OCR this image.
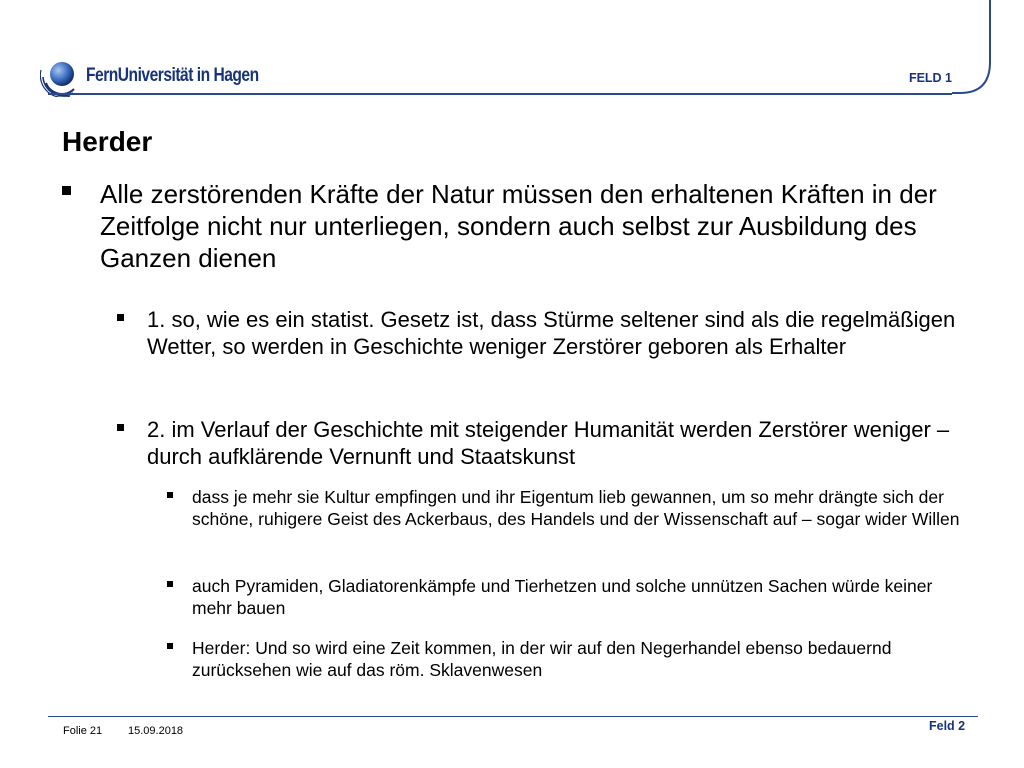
FernUniversität in Hagen	FELD 1
Herder
Alle zerstörenden Kräfte der Natur müssen den erhaltenen Kräften in der Zeitfolge nicht nur unterliegen, sondern auch selbst zur Ausbildung des Ganzen dienen
1. so, wie es ein statist. Gesetz ist, dass Stürme seltener sind als die regelmäßigen Wetter, so werden in Geschichte weniger Zerstörer geboren als Erhalter
2. im Verlauf der Geschichte mit steigender Humanität werden Zerstörer weniger – durch aufklärende Vernunft und Staatskunst
dass je mehr sie Kultur empfingen und ihr Eigentum lieb gewannen, um so mehr drängte sich der schöne, ruhigere Geist des Ackerbaus, des Handels und der Wissenschaft auf – sogar wider Willen
auch Pyramiden, Gladiatorenkämpfe und Tierhetzen und solche unnützen Sachen würde keiner mehr bauen
Herder: Und so wird eine Zeit kommen, in der wir auf den Negerhandel ebenso bedauernd zurücksehen wie auf das röm. Sklavenwesen
Folie 21 15.09.2018	Feld 2
